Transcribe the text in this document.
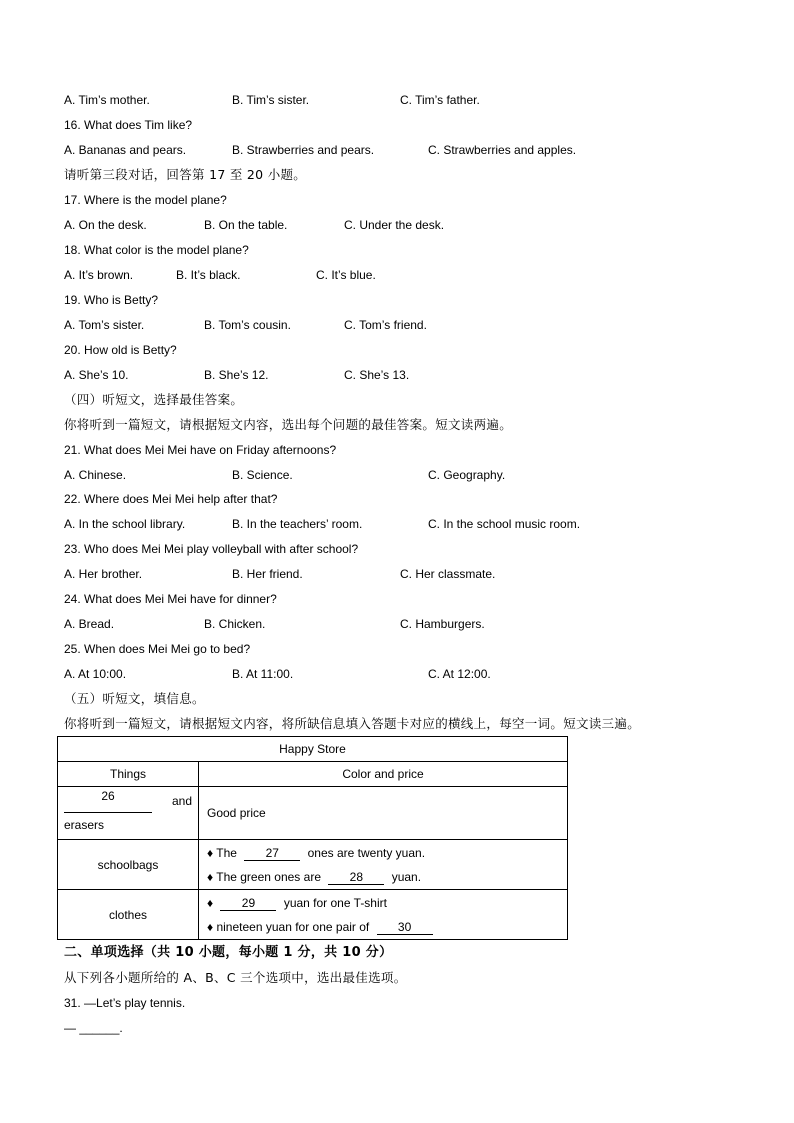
A. Tim’s mother.	B. Tim’s sister.	C. Tim’s father.
16. What does Tim like?
A. Bananas and pears.	B. Strawberries and pears.	C. Strawberries and apples.
请听第三段对话，回答第 17 至 20 小题。
17. Where is the model plane?
A. On the desk.	B. On the table.	C. Under the desk.
18. What color is the model plane?
A. It’s brown.	B. It’s black.	C. It’s blue.
19. Who is Betty?
A. Tom’s sister.	B. Tom’s cousin.	C. Tom’s friend.
20. How old is Betty?
A. She’s 10.	B. She’s 12.	C. She’s 13.
（四）听短文，选择最佳答案。
你将听到一篇短文，请根据短文内容，选出每个问题的最佳答案。短文读两遍。
21. What does Mei Mei have on Friday afternoons?
A. Chinese.	B. Science.	C. Geography.
22. Where does Mei Mei help after that?
A. In the school library.	B. In the teachers’ room.	C. In the school music room.
23. Who does Mei Mei play volleyball with after school?
A. Her brother.	B. Her friend.	C. Her classmate.
24. What does Mei Mei have for dinner?
A. Bread.	B. Chicken.	C. Hamburgers.
25. When does Mei Mei go to bed?
A. At 10:00.	B. At 11:00.	C. At 12:00.
（五）听短文，填信息。
你将听到一篇短文，请根据短文内容，将所缺信息填入答题卡对应的横线上，每空一词。短文读三遍。
Happy Store	
Things	Color and price

26 and
erasers	Good price
schoolbags	♦ The 27 ones are twenty yuan.
♦ The green ones are 28 yuan.

clothes	♦ 29 yuan for one T-shirt
♦ nineteen yuan for one pair of 30
二、单项选择（共 10 小题，每小题 1 分，共 10 分）
从下列各小题所给的 A、B、C 三个选项中，选出最佳选项。
31. —Let’s play tennis.
— ______.
